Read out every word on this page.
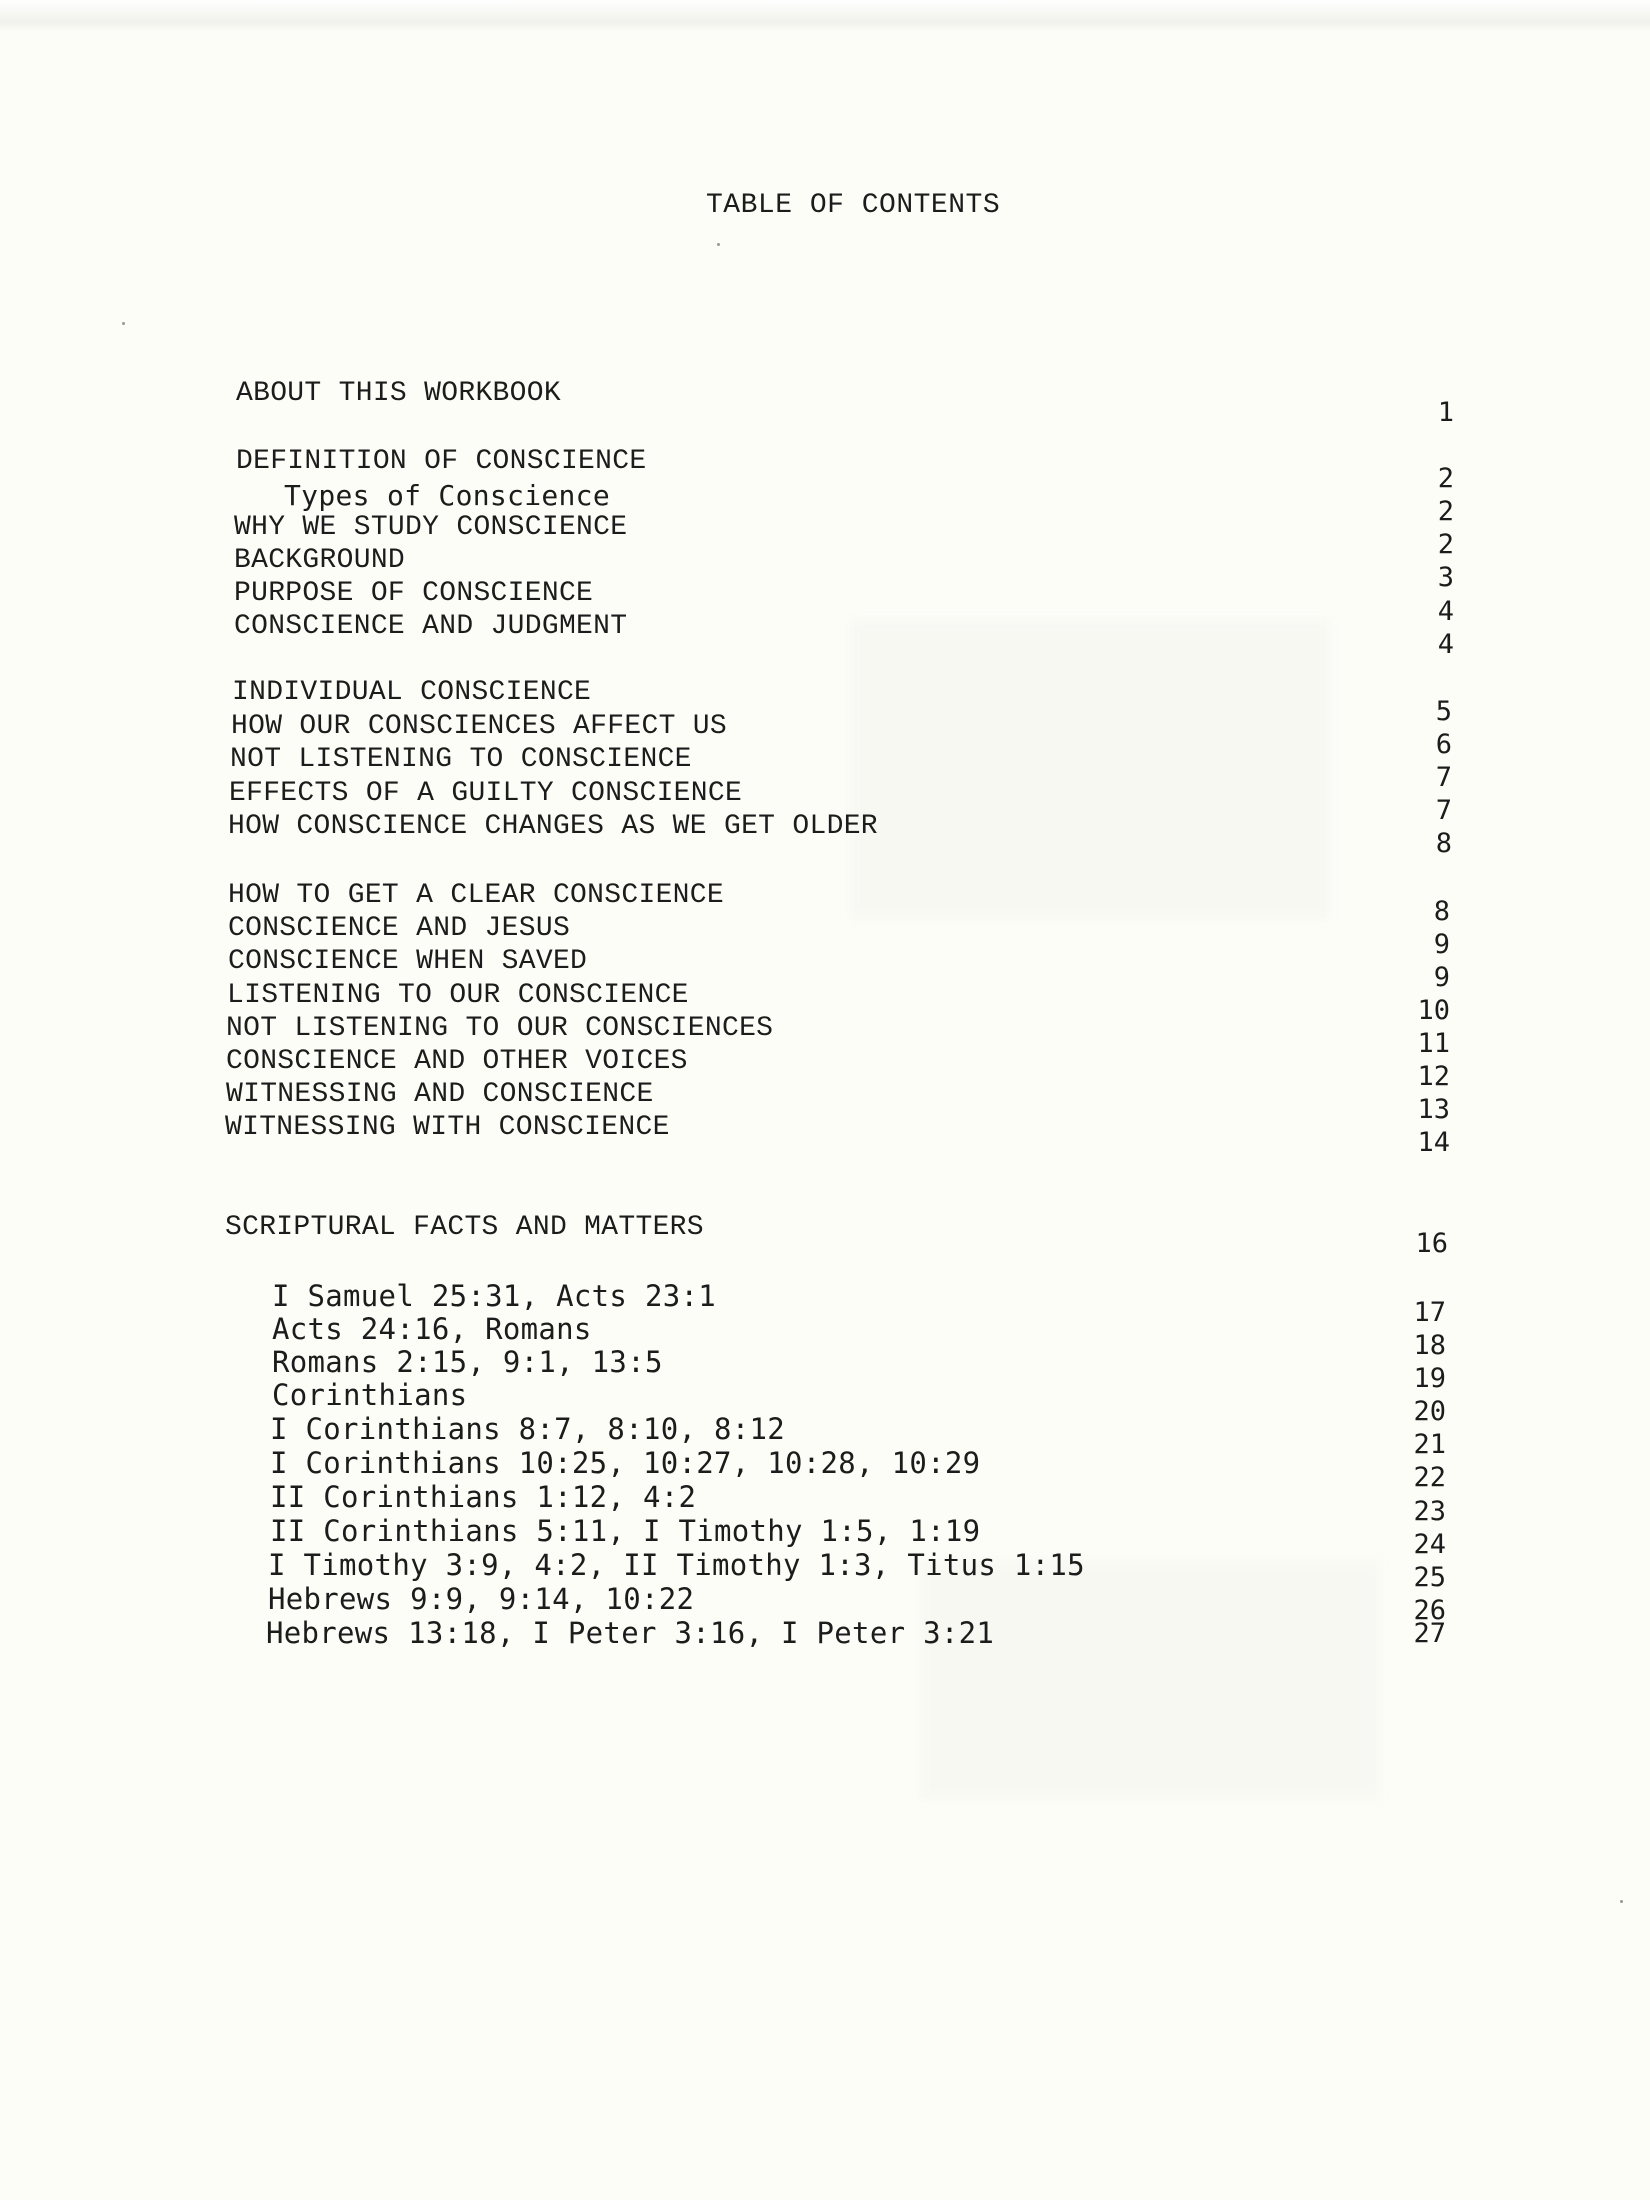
TABLE OF CONTENTS
ABOUT THIS WORKBOOK
1
DEFINITION OF CONSCIENCE
Types of Conscience
WHY WE STUDY CONSCIENCE
BACKGROUND
PURPOSE OF CONSCIENCE
CONSCIENCE AND JUDGMENT
2
2
2
3
4
4
INDIVIDUAL CONSCIENCE
HOW OUR CONSCIENCES AFFECT US
NOT LISTENING TO CONSCIENCE
EFFECTS OF A GUILTY CONSCIENCE
HOW CONSCIENCE CHANGES AS WE GET OLDER
5
6
7
7
8
HOW TO GET A CLEAR CONSCIENCE
CONSCIENCE AND JESUS
CONSCIENCE WHEN SAVED
LISTENING TO OUR CONSCIENCE
NOT LISTENING TO OUR CONSCIENCES
CONSCIENCE AND OTHER VOICES
WITNESSING AND CONSCIENCE
WITNESSING WITH CONSCIENCE
8
9
9
10
11
12
13
14
SCRIPTURAL FACTS AND MATTERS
16
I Samuel 25:31, Acts 23:1
Acts 24:16, Romans
Romans 2:15, 9:1, 13:5
Corinthians
I Corinthians 8:7, 8:10, 8:12
I Corinthians 10:25, 10:27, 10:28, 10:29
II Corinthians 1:12, 4:2
II Corinthians 5:11, I Timothy 1:5, 1:19
I Timothy 3:9, 4:2, II Timothy 1:3, Titus 1:15
Hebrews 9:9, 9:14, 10:22
Hebrews 13:18, I Peter 3:16, I Peter 3:21
17
18
19
20
21
22
23
24
25
26
27
